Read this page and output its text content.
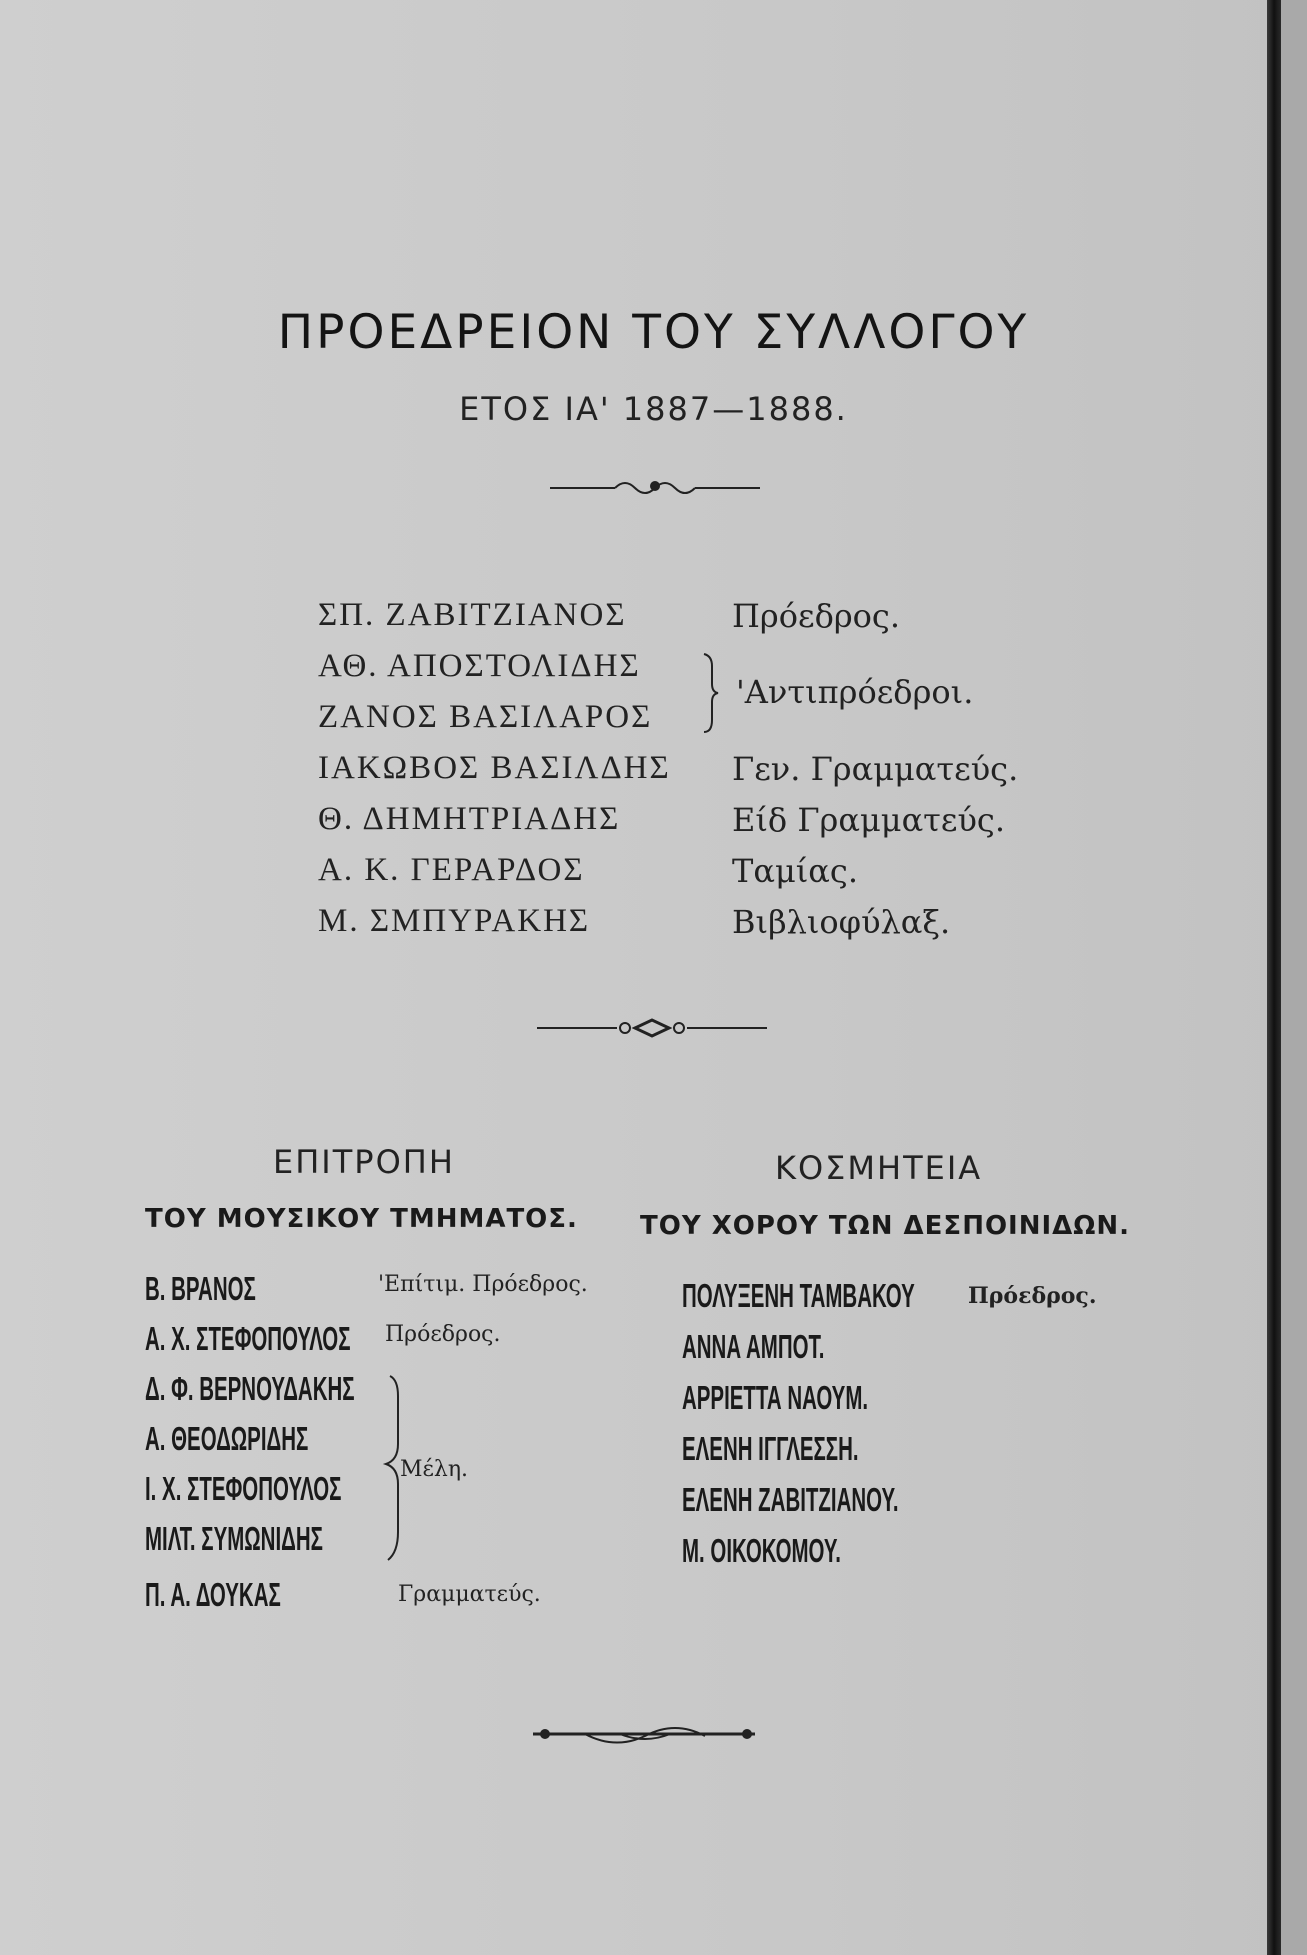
ΠΡΟΕΔΡΕΙΟΝ ΤΟΥ ΣΥΛΛΟΓΟΥ
ΕΤΟΣ ΙΑ' 1887—1888.
ΣΠ. ΖΑΒΙΤΖΙΑΝΟΣ	Πρόεδρος.
ΑΘ. ΑΠΟΣΤΟΛΙΔΗΣ
ΖΑΝΟΣ ΒΑΣΙΛΑΡΟΣ
'Αντιπρόεδροι.
ΙΑΚΩΒΟΣ ΒΑΣΙΛΔΗΣ Γεν. Γραμματεύς.
Θ. ΔΗΜΗΤΡΙΑΔΗΣ	Είδ Γραμματεύς.
Α. Κ. ΓΕΡΑΡΔΟΣ	Ταμίας.
Μ. ΣΜΠΥΡΑΚΗΣ	Βιβλιοφύλαξ.
ΕΠΙΤΡΟΠΗ
ΤΟΥ ΜΟΥΣΙΚΟΥ ΤΜΗΜΑΤΟΣ.
Β. ΒΡΑΝΟΣ	'Επίτιμ. Πρόεδρος.
Α. Χ. ΣΤΕΦΟΠΟΥΛΟΣ Πρόεδρος.
Δ. Φ. ΒΕΡΝΟΥΔΑΚΗΣ
Α. ΘΕΟΔΩΡΙΔΗΣ
Ι. Χ. ΣΤΕΦΟΠΟΥΛΟΣ
ΜΙΛΤ. ΣΥΜΩΝΙΔΗΣ
Μέλη.
Π. Α. ΔΟΥΚΑΣ	Γραμματεύς.
ΚΟΣΜΗΤΕΙΑ
ΤΟΥ ΧΟΡΟΥ ΤΩΝ ΔΕΣΠΟΙΝΙΔΩΝ.
ΠΟΛΥΞΕΝΗ ΤΑΜΒΑΚΟΥ Πρόεδρος.
ΑΝΝΑ ΑΜΠΟΤ.
ΑΡΡΙΕΤΤΑ ΝΑΟΥΜ.
ΕΛΕΝΗ ΙΓΓΛΕΣΣΗ.
ΕΛΕΝΗ ΖΑΒΙΤΖΙΑΝΟΥ.
Μ. ΟΙΚΟΚΟΜΟΥ.
